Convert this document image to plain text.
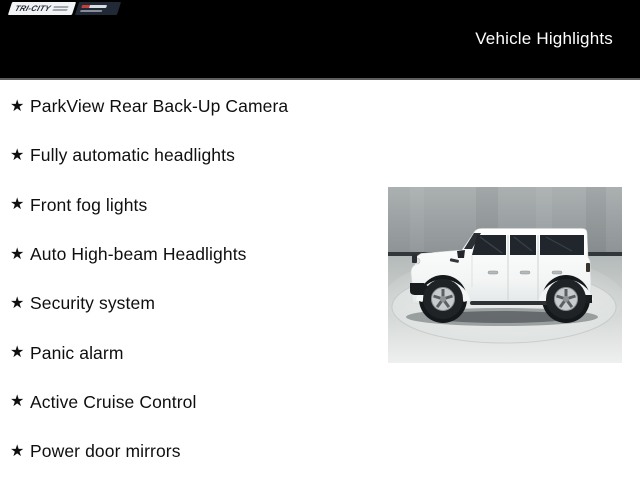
TRI-CITY
Vehicle Highlights
★ ParkView Rear Back-Up Camera
★ Fully automatic headlights
★ Front fog lights
★ Auto High-beam Headlights
★ Security system
★ Panic alarm
★ Active Cruise Control
★ Power door mirrors
